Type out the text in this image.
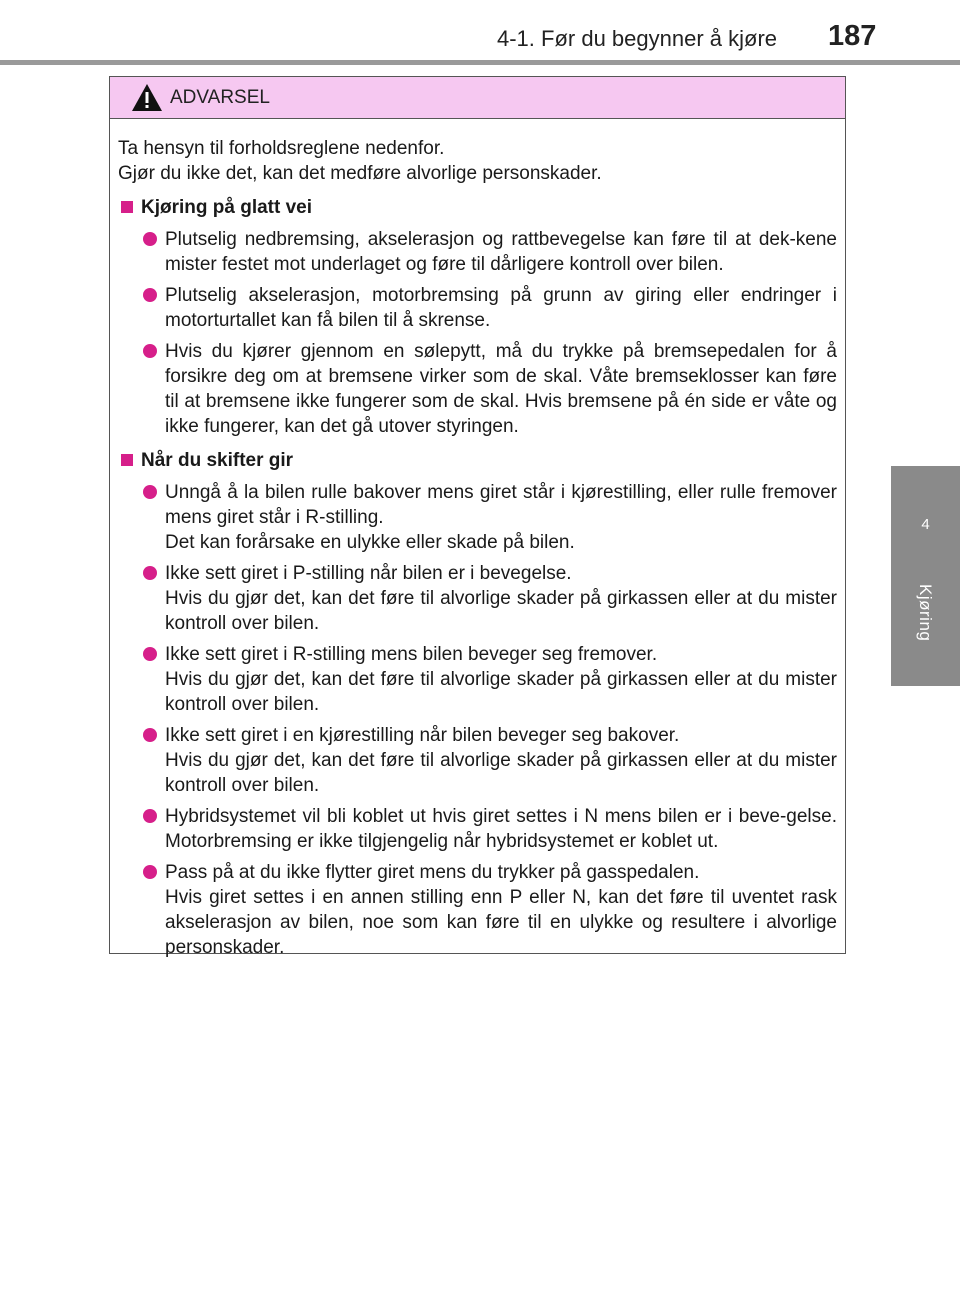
4-1. Før du begynner å kjøre 187
4
Kjøring
ADVARSEL

Ta hensyn til forholdsreglene nedenfor.

Gjør du ikke det, kan det medføre alvorlige personskader.

Kjøring på glatt vei

Plutselig nedbremsing, akselerasjon og rattbevegelse kan føre til at dek-kene mister festet mot underlaget og føre til dårligere kontroll over bilen.

Plutselig akselerasjon, motorbremsing på grunn av giring eller endringer i motorturtallet kan få bilen til å skrense.

Hvis du kjører gjennom en sølepytt, må du trykke på bremsepedalen for å forsikre deg om at bremsene virker som de skal. Våte bremseklosser kan føre til at bremsene ikke fungerer som de skal. Hvis bremsene på én side er våte og ikke fungerer, kan det gå utover styringen.

Når du skifter gir

Unngå å la bilen rulle bakover mens giret står i kjørestilling, eller rulle fremover mens giret står i R-stilling.

Det kan forårsake en ulykke eller skade på bilen.

Ikke sett giret i P-stilling når bilen er i bevegelse.

Hvis du gjør det, kan det føre til alvorlige skader på girkassen eller at du mister kontroll over bilen.

Ikke sett giret i R-stilling mens bilen beveger seg fremover.

Hvis du gjør det, kan det føre til alvorlige skader på girkassen eller at du mister kontroll over bilen.

Ikke sett giret i en kjørestilling når bilen beveger seg bakover.

Hvis du gjør det, kan det føre til alvorlige skader på girkassen eller at du mister kontroll over bilen.

Hybridsystemet vil bli koblet ut hvis giret settes i N mens bilen er i beve-gelse. Motorbremsing er ikke tilgjengelig når hybridsystemet er koblet ut.

Pass på at du ikke flytter giret mens du trykker på gasspedalen.

Hvis giret settes i en annen stilling enn P eller N, kan det føre til uventet rask akselerasjon av bilen, noe som kan føre til en ulykke og resultere i alvorlige personskader.
